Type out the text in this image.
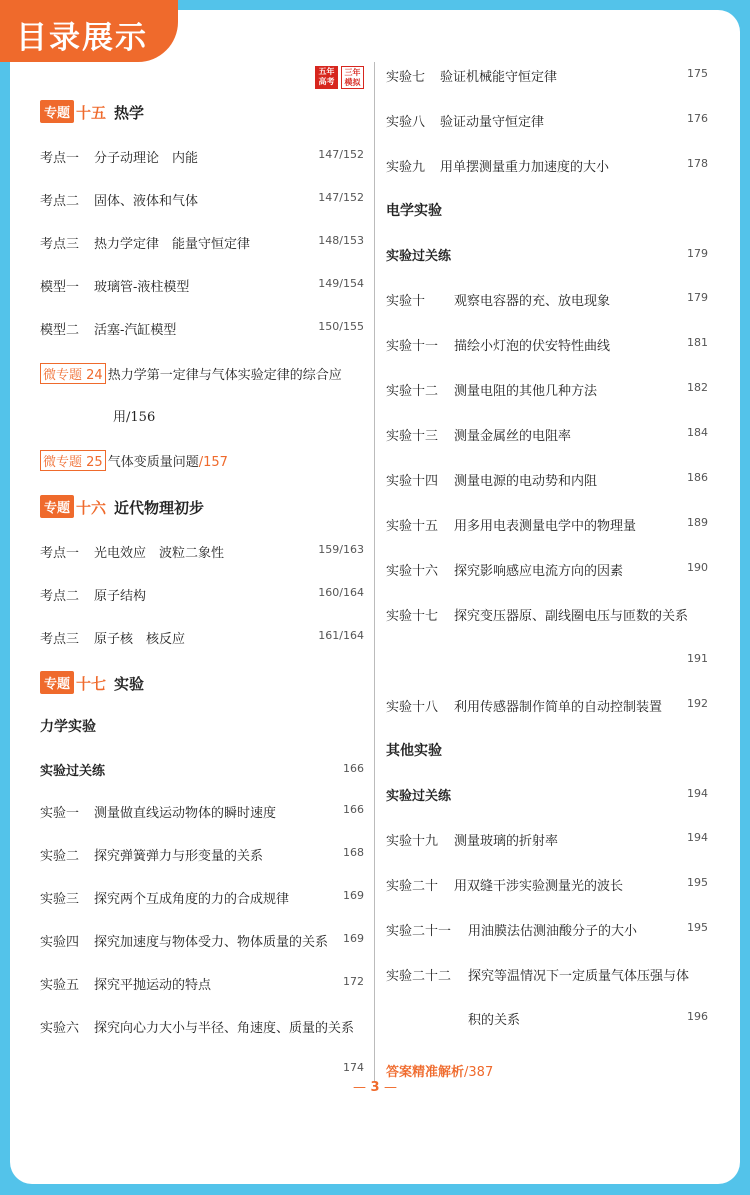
目录展示
五年
高考
三年
模拟
专题 十五 热学
考点一 分子动理论　内能	147/152
考点二 固体、液体和气体	147/152
考点三 热力学定律　能量守恒定律	148/153
模型一 玻璃管-液柱模型	149/154
模型二 活塞-汽缸模型	150/155
微专题 24 热力学第一定律与气体实验定律的综合应
用/156
微专题 25 气体变质量问题/157
专题 十六 近代物理初步
考点一 光电效应　波粒二象性	159/163
考点二 原子结构	160/164
考点三 原子核　核反应	161/164
专题 十七 实验
力学实验
实验过关练	166
实验一 测量做直线运动物体的瞬时速度	166
实验二 探究弹簧弹力与形变量的关系	168
实验三 探究两个互成角度的力的合成规律	169
实验四 探究加速度与物体受力、物体质量的关系 169
实验五 探究平抛运动的特点	172
实验六 探究向心力大小与半径、角速度、质量的关系
174
实验七 验证机械能守恒定律	175
实验八 验证动量守恒定律	176
实验九 用单摆测量重力加速度的大小	178
电学实验
实验过关练	179
实验十 观察电容器的充、放电现象	179
实验十一 描绘小灯泡的伏安特性曲线	181
实验十二 测量电阻的其他几种方法	182
实验十三 测量金属丝的电阻率	184
实验十四 测量电源的电动势和内阻	186
实验十五 用多用电表测量电学中的物理量	189
实验十六 探究影响感应电流方向的因素	190
实验十七 探究变压器原、副线圈电压与匝数的关系
191
实验十八 利用传感器制作简单的自动控制装置 192
其他实验
实验过关练	194
实验十九 测量玻璃的折射率	194
实验二十 用双缝干涉实验测量光的波长	195
实验二十一 用油膜法估测油酸分子的大小	195
实验二十二 探究等温情况下一定质量气体压强与体
积的关系	196
答案精准解析/387
— 3 —
